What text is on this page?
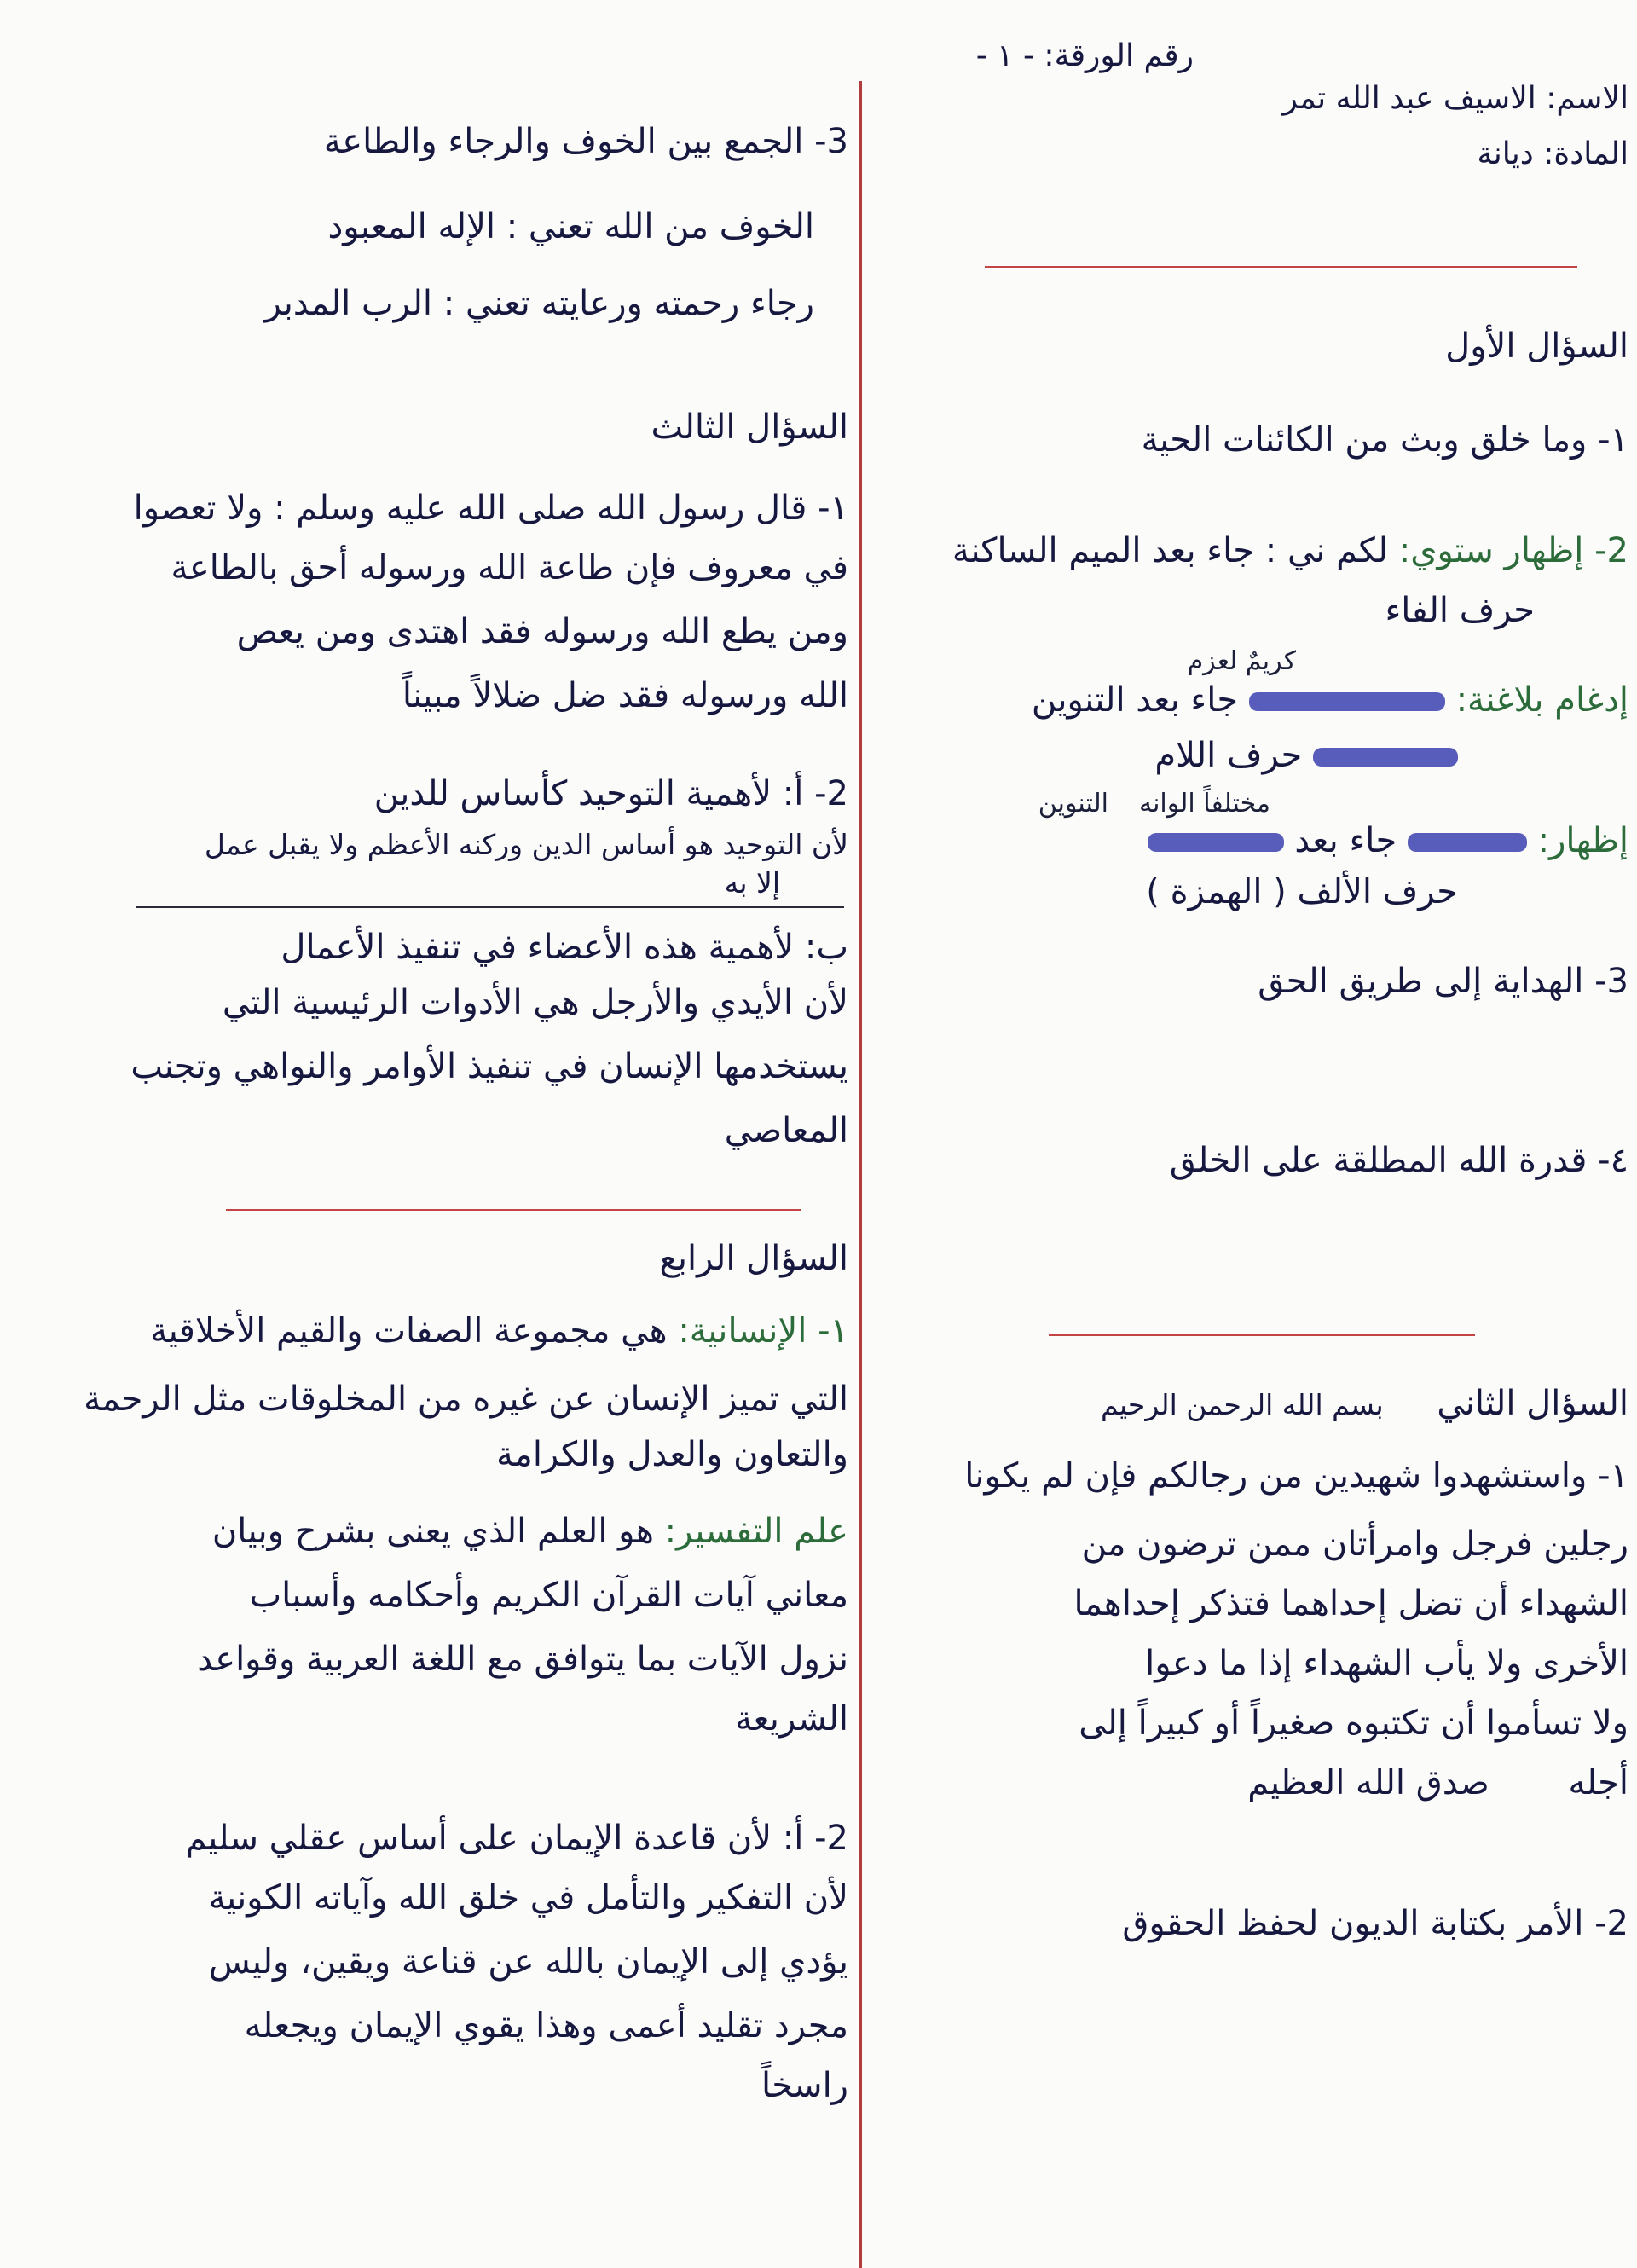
رقم الورقة: - ١ -
الاسم: الاسيف عبد الله تمر
المادة: ديانة
السؤال الأول
١- وما خلق وبث من الكائنات الحية
2- إظهار ستوي: لكم ني : جاء بعد الميم الساكنة
حرف الفاء
كريمٌ لعزم
إدغام بلاغنة:  جاء بعد التنوين
حرف اللام
مختلفاً الوانه
التنوين
إظهار:  جاء بعد
حرف الألف ( الهمزة )
3- الهداية إلى طريق الحق
٤- قدرة الله المطلقة على الخلق
السؤال الثاني بسم الله الرحمن الرحيم
١- واستشهدوا شهيدين من رجالكم فإن لم يكونا
رجلين فرجل وامرأتان ممن ترضون من
الشهداء أن تضل إحداهما فتذكر إحداهما
الأخرى ولا يأب الشهداء إذا ما دعوا
ولا تسأموا أن تكتبوه صغيراً أو كبيراً إلى
أجله صدق الله العظيم
2- الأمر بكتابة الديون لحفظ الحقوق
3- الجمع بين الخوف والرجاء والطاعة
الخوف من الله تعني : الإله المعبود
رجاء رحمته ورعايته تعني : الرب المدبر
السؤال الثالث
١- قال رسول الله صلى الله عليه وسلم : ولا تعصوا
في معروف فإن طاعة الله ورسوله أحق بالطاعة
ومن يطع الله ورسوله فقد اهتدى ومن يعص
الله ورسوله فقد ضل ضلالاً مبيناً
2- أ: لأهمية التوحيد كأساس للدين
لأن التوحيد هو أساس الدين وركنه الأعظم ولا يقبل عمل
إلا به
ب: لأهمية هذه الأعضاء في تنفيذ الأعمال
لأن الأيدي والأرجل هي الأدوات الرئيسية التي
يستخدمها الإنسان في تنفيذ الأوامر والنواهي وتجنب
المعاصي
السؤال الرابع
١- الإنسانية: هي مجموعة الصفات والقيم الأخلاقية
التي تميز الإنسان عن غيره من المخلوقات مثل الرحمة
والتعاون والعدل والكرامة
علم التفسير: هو العلم الذي يعنى بشرح وبيان
معاني آيات القرآن الكريم وأحكامه وأسباب
نزول الآيات بما يتوافق مع اللغة العربية وقواعد
الشريعة
2- أ: لأن قاعدة الإيمان على أساس عقلي سليم
لأن التفكير والتأمل في خلق الله وآياته الكونية
يؤدي إلى الإيمان بالله عن قناعة ويقين، وليس
مجرد تقليد أعمى وهذا يقوي الإيمان ويجعله
راسخاً
